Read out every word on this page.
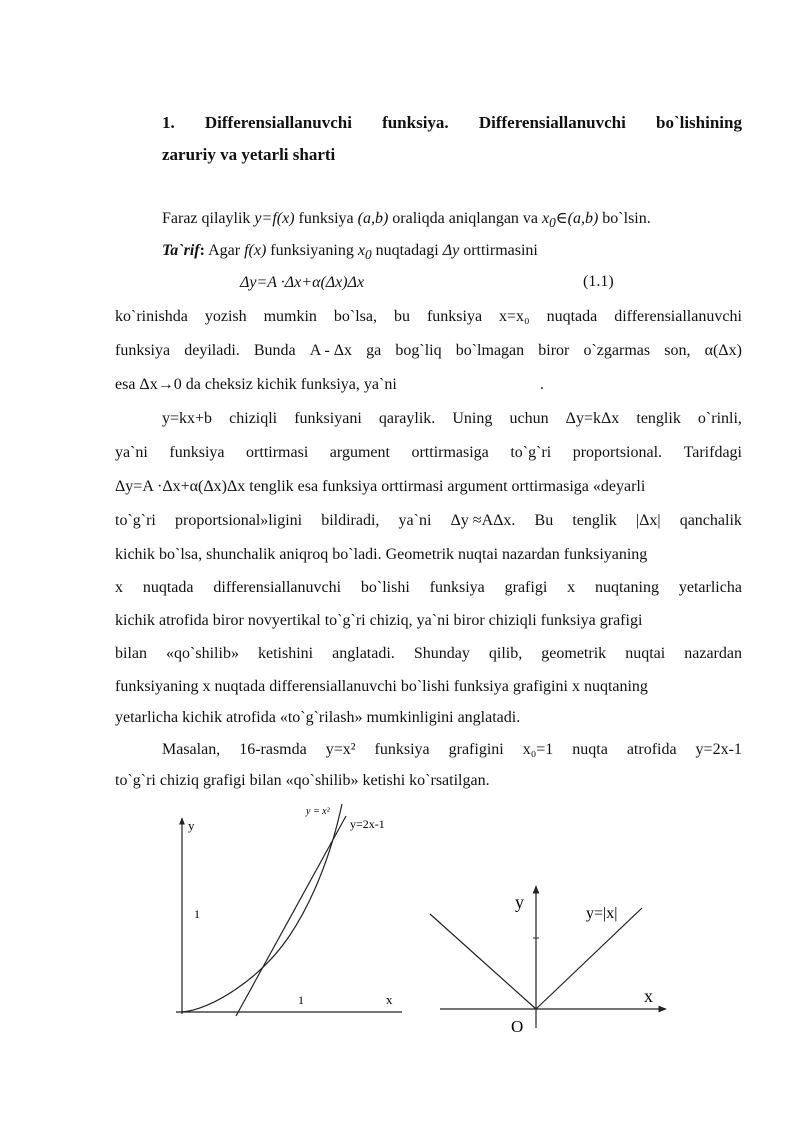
1. Differensiallanuvchi funksiya. Differensiallanuvchi bo`lishining
zaruriy va yetarli sharti
Faraz qilaylik y=f(x) funksiya (a,b) oraliqda aniqlangan va $x_0\in(a,b)$ bo`lsin.
Ta`rif: Agar f(x) funksiyaning $x_0$ nuqtadagi Δy orttirmasini
Δy=A ·Δx+α(Δx)Δx	(1.1)
ko`rinishda yozish mumkin bo`lsa, bu funksiya x=x₀ nuqtada differensiallanuvchi
funksiya deyiladi. Bunda A - Δx ga bog`liq bo`lmagan biror o`zgarmas son, α(Δx)
esa Δx→0 da cheksiz kichik funksiya, ya`ni	.
y=kx+b chiziqli funksiyani qaraylik. Uning uchun Δy=kΔx tenglik o`rinli,
ya`ni funksiya orttirmasi argument orttirmasiga to`g`ri proportsional. Tarifdagi
Δy=A ·Δx+α(Δx)Δx tenglik esa funksiya orttirmasi argument orttirmasiga «deyarli
to`g`ri proportsional»ligini bildiradi, ya`ni Δy ≈AΔx. Bu tenglik |Δx| qanchalik
kichik bo`lsa, shunchalik aniqroq bo`ladi. Geometrik nuqtai nazardan funksiyaning
x nuqtada differensiallanuvchi bo`lishi funksiya grafigi x nuqtaning yetarlicha
kichik atrofida biror novyertikal to`g`ri chiziq, ya`ni biror chiziqli funksiya grafigi
bilan «qo`shilib» ketishini anglatadi. Shunday qilib, geometrik nuqtai nazardan
funksiyaning x nuqtada differensiallanuvchi bo`lishi funksiya grafigini x nuqtaning
yetarlicha kichik atrofida «to`g`rilash» mumkinligini anglatadi.
Masalan, 16-rasmda y=x² funksiya grafigini x₀=1 nuqta atrofida y=2x-1
to`g`ri chiziq grafigi bilan «qo`shilib» ketishi ko`rsatilgan.
y
x
1
1
y = x²
y=2x-1
y
x
O
y=|x|
